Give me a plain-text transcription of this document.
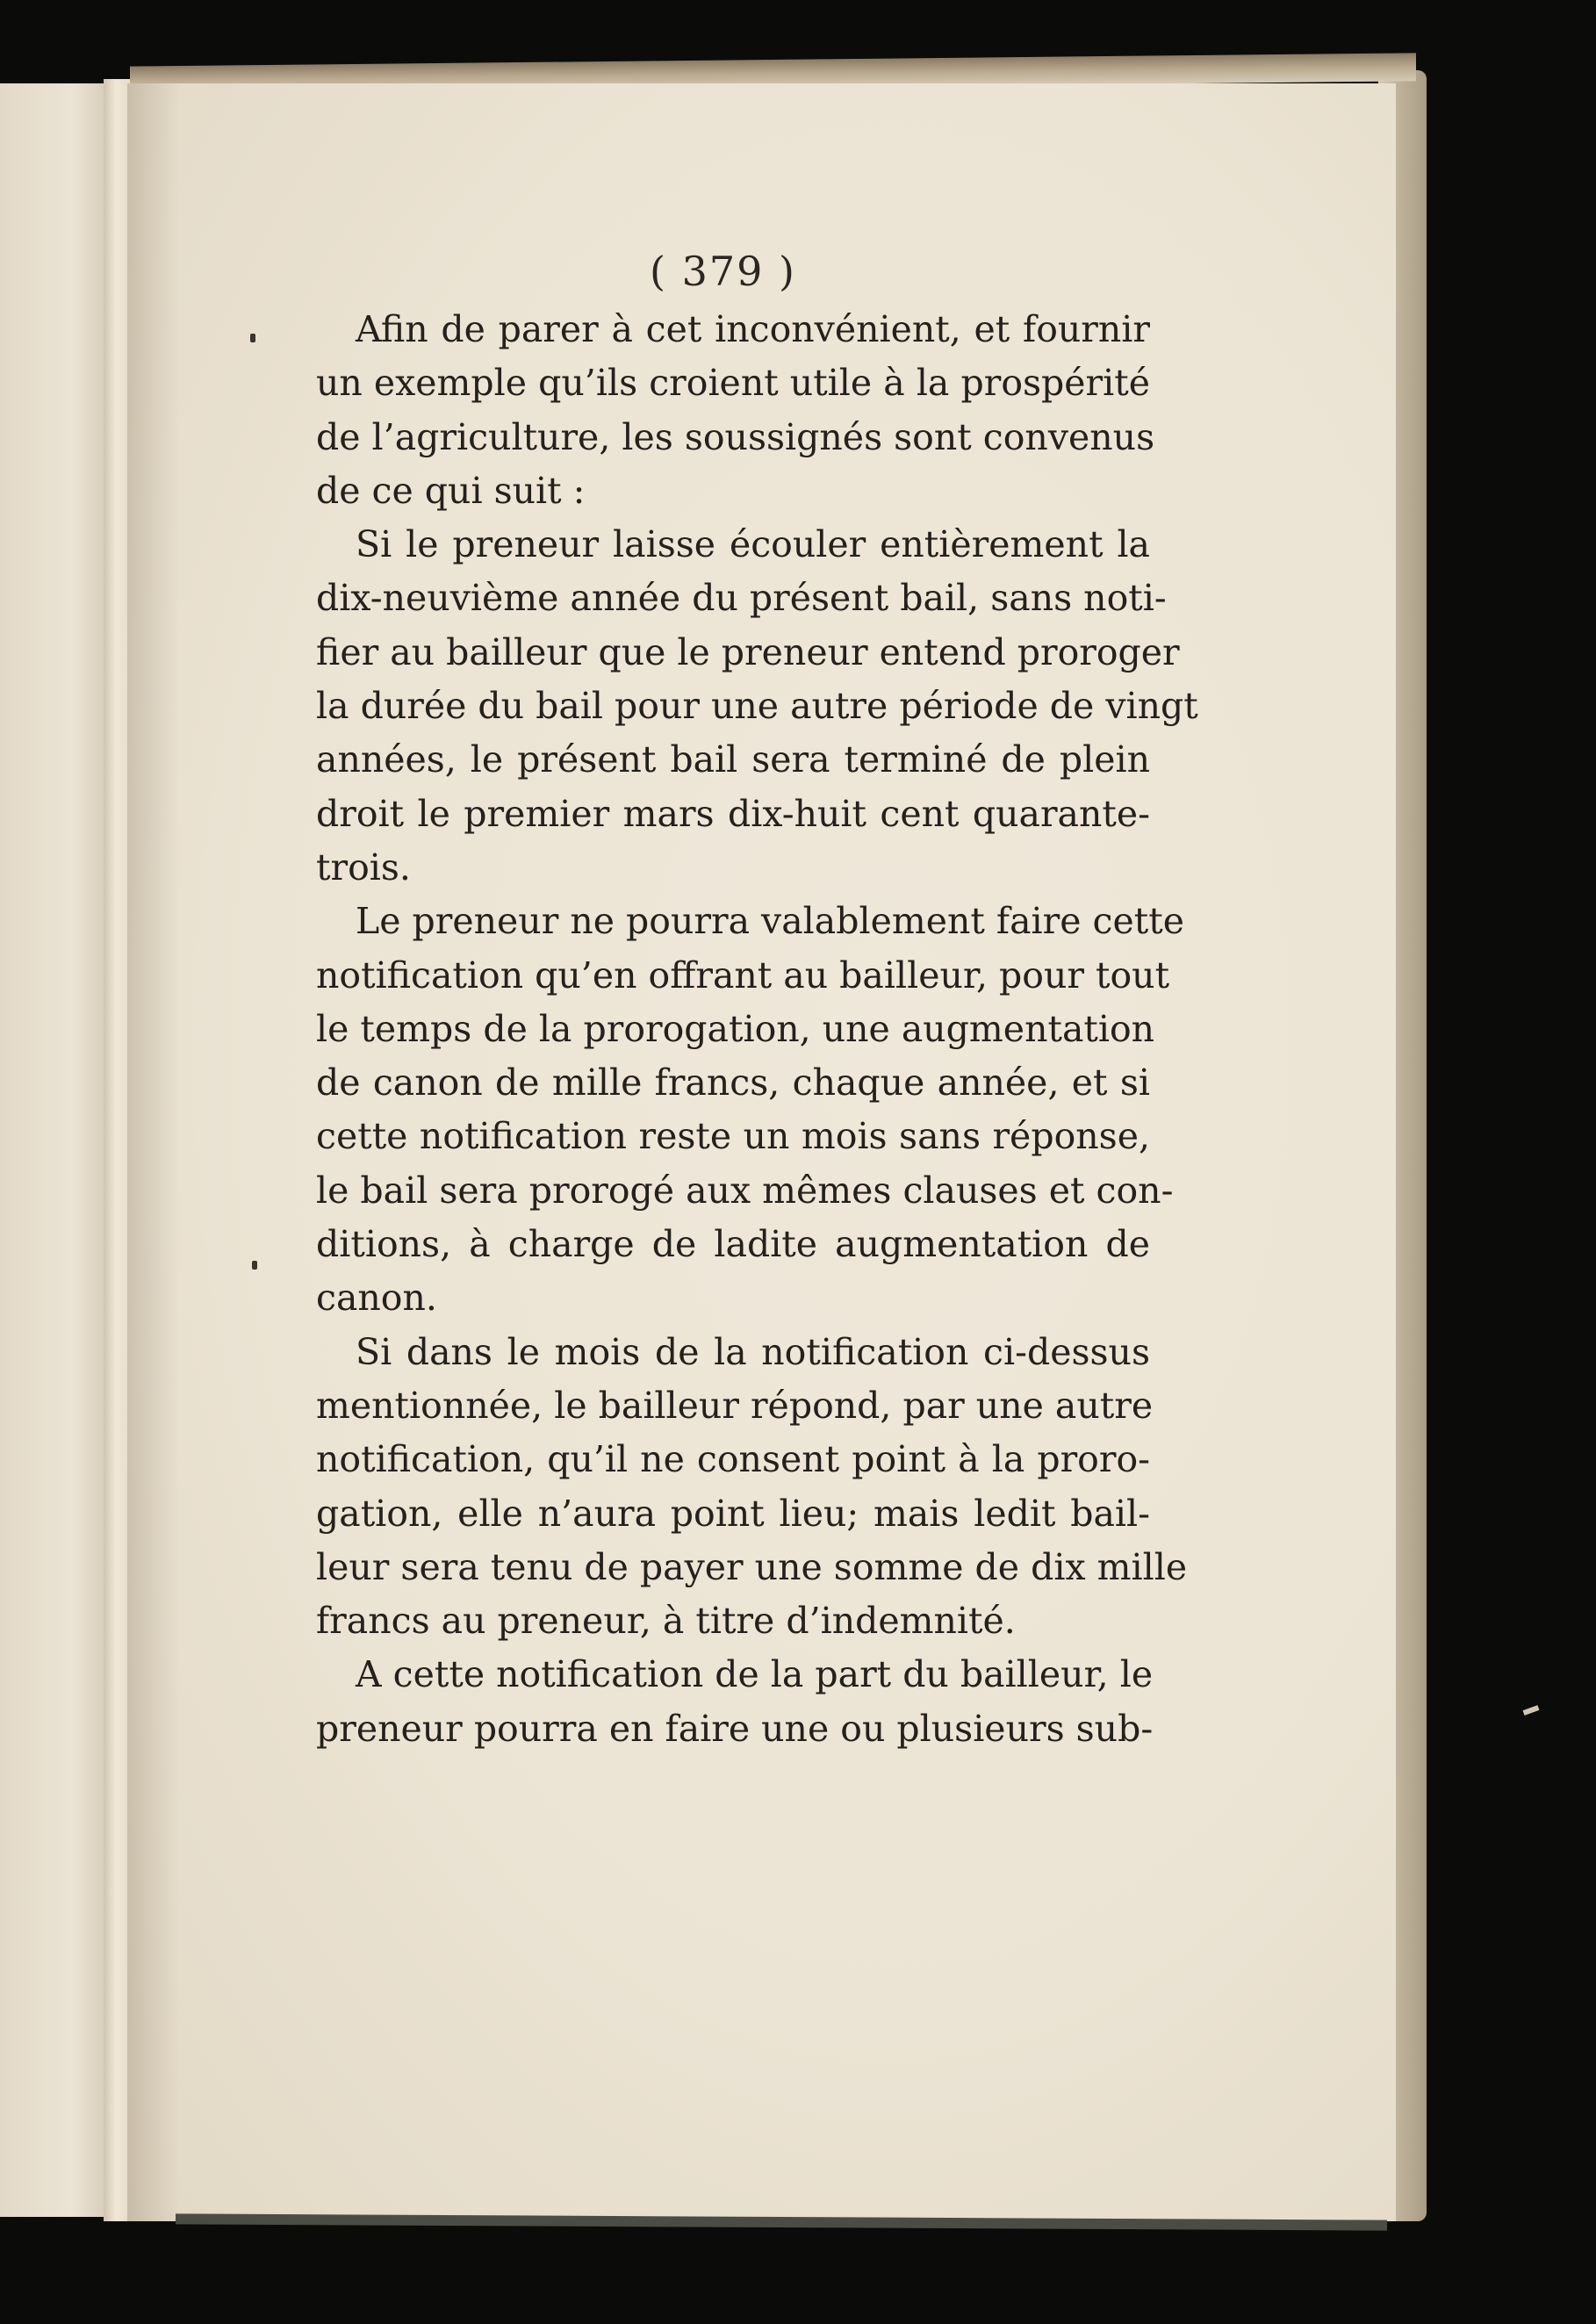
( 379 )
Afin de parer à cet inconvénient, et fournir
un exemple qu’ils croient utile à la prospérité
de l’agriculture, les soussignés sont convenus
de ce qui suit :
Si le preneur laisse écouler entièrement la
dix-neuvième année du présent bail, sans noti-
fier au bailleur que le preneur entend proroger
la durée du bail pour une autre période de vingt
années, le présent bail sera terminé de plein
droit le premier mars dix-huit cent quarante-
trois.
Le preneur ne pourra valablement faire cette
notification qu’en offrant au bailleur, pour tout
le temps de la prorogation, une augmentation
de canon de mille francs, chaque année, et si
cette notification reste un mois sans réponse,
le bail sera prorogé aux mêmes clauses et con-
ditions, à charge de ladite augmentation de
canon.
Si dans le mois de la notification ci-dessus
mentionnée, le bailleur répond, par une autre
notification, qu’il ne consent point à la proro-
gation, elle n’aura point lieu; mais ledit bail-
leur sera tenu de payer une somme de dix mille
francs au preneur, à titre d’indemnité.
A cette notification de la part du bailleur, le
preneur pourra en faire une ou plusieurs sub-
